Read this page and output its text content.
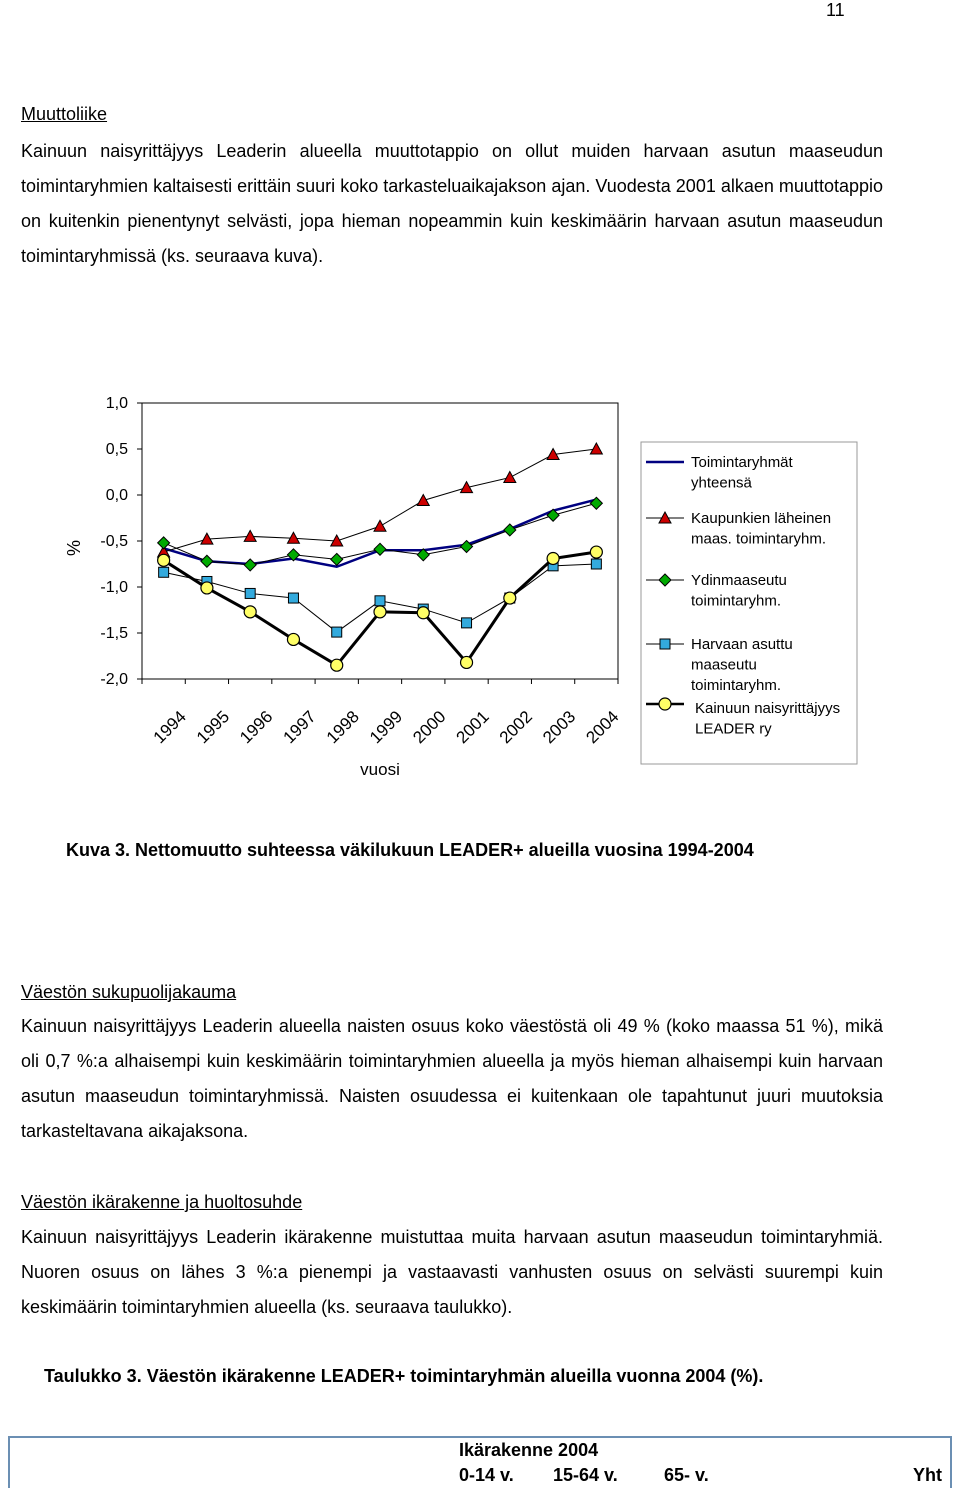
11
Muuttoliike

Kainuun naisyrittäjyys Leaderin alueella muuttotappio on ollut muiden harvaan asutun maaseudun toimintaryhmien kaltaisesti erittäin suuri koko tarkasteluaikajakson ajan. Vuodesta 2001 alkaen muuttotappio on kuitenkin pienentynyt selvästi, jopa hieman nopeammin kuin keskimäärin harvaan asutun maaseudun toimintaryhmissä (ks. seuraava kuva).

1,0
0,5
0,0
-0,5
-1,0
-1,5
-2,0
%
1994 1995 1996 1997 1998 1999 2000 2001 2002 2003 2004
vuosi
Toimintaryhmät
yhteensä
Kaupunkien läheinen
maas. toimintaryhm.
Ydinmaaseutu
toimintaryhm.
Harvaan asuttu
maaseutu
toimintaryhm.
Kainuun naisyrittäjyys
LEADER ry
Kuva 3. Nettomuutto suhteessa väkilukuun LEADER+ alueilla vuosina 1994-2004
Väestön sukupuolijakauma

Kainuun naisyrittäjyys Leaderin alueella naisten osuus koko väestöstä oli 49 % (koko maassa 51 %), mikä oli 0,7 %:a alhaisempi kuin keskimäärin toimintaryhmien alueella ja myös hieman alhaisempi kuin harvaan asutun maaseudun toimintaryhmissä. Naisten osuudessa ei kuitenkaan ole tapahtunut juuri muutoksia tarkasteltavana aikajaksona.

Väestön ikärakenne ja huoltosuhde

Kainuun naisyrittäjyys Leaderin ikärakenne muistuttaa muita harvaan asutun maaseudun toimintaryhmiä. Nuoren osuus on lähes 3 %:a pienempi ja vastaavasti vanhusten osuus on selvästi suurempi kuin keskimäärin toimintaryhmien alueella (ks. seuraava taulukko).

Taulukko 3. Väestön ikärakenne LEADER+ toimintaryhmän alueilla vuonna 2004 (%).
Ikärakenne 2004
0-14 v. 15-64 v.	65- v.	Yht
